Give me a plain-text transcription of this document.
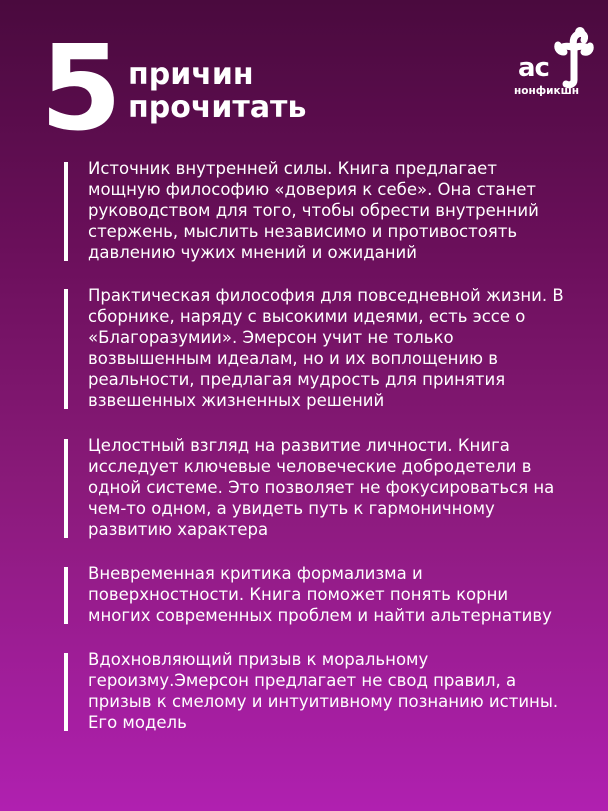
5 причин
прочитать
ac
нонфикшн
Источник внутренней силы. Книга предлагает мощную философию «доверия к себе». Она станет руководством для того, чтобы обрести внутренний стержень, мыслить независимо и противостоять давлению чужих мнений и ожиданий
Практическая философия для повседневной жизни. В сборнике, наряду с высокими идеями, есть эссе о «Благоразумии». Эмерсон учит не только возвышенным идеалам, но и их воплощению в реальности, предлагая мудрость для принятия взвешенных жизненных решений
Целостный взгляд на развитие личности. Книга исследует ключевые человеческие добродетели в одной системе. Это позволяет не фокусироваться на чем-то одном, а увидеть путь к гармоничному развитию характера
Вневременная критика формализма и поверхностности. Книга поможет понять корни многих современных проблем и найти альтернативу
Вдохновляющий призыв к моральному героизму.Эмерсон предлагает не свод правил, а призыв к смелому и интуитивному познанию истины. Его модель
